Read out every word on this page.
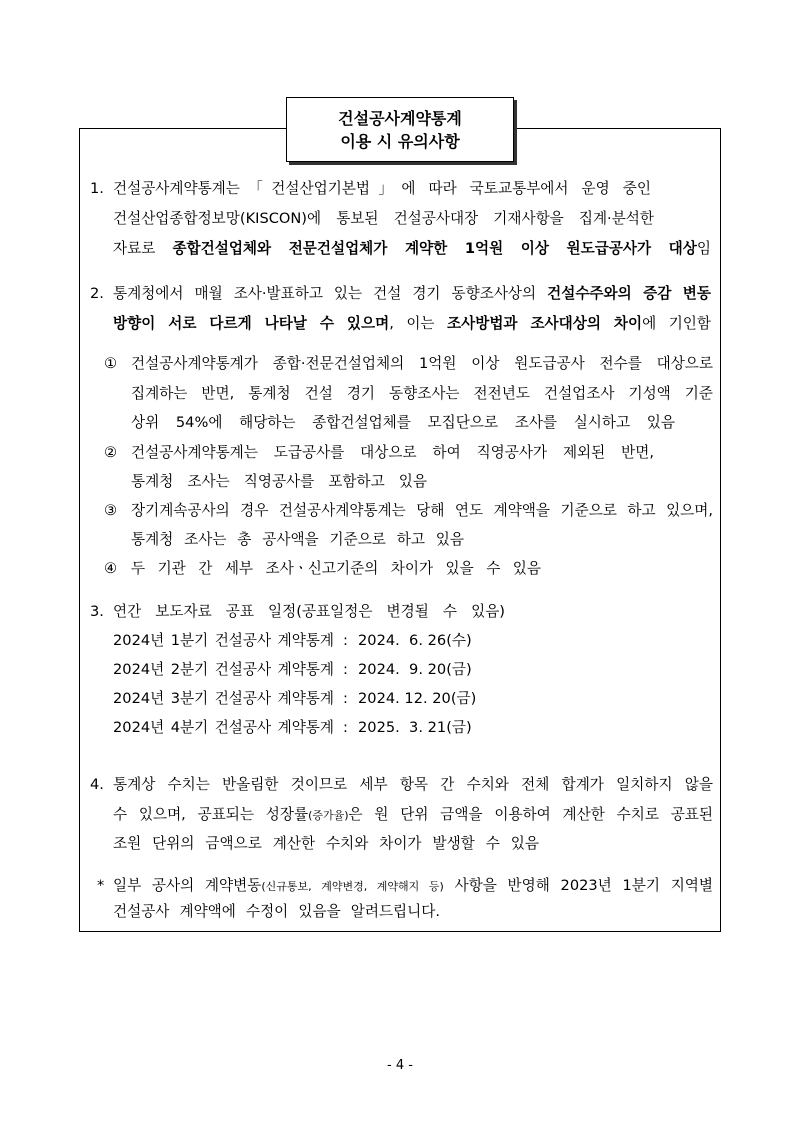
건설공사계약통계
이용 시 유의사항
1. 건설공사계약통계는「건설산업기본법」에 따라 국토교통부에서 운영 중인
건설산업종합정보망(KISCON)에 통보된 건설공사대장 기재사항을 집계·분석한
자료로 종합건설업체와 전문건설업체가 계약한 1억원 이상 원도급공사가 대상임
2. 통계청에서 매월 조사·발표하고 있는 건설 경기 동향조사상의 건설수주와의 증감 변동
방향이 서로 다르게 나타날 수 있으며, 이는 조사방법과 조사대상의 차이에 기인함
① 건설공사계약통계가 종합·전문건설업체의 1억원 이상 원도급공사 전수를 대상으로
집계하는 반면, 통계청 건설 경기 동향조사는 전전년도 건설업조사 기성액 기준
상위 54%에 해당하는 종합건설업체를 모집단으로 조사를 실시하고 있음
② 건설공사계약통계는 도급공사를 대상으로 하여 직영공사가 제외된 반면,
통계청 조사는 직영공사를 포함하고 있음
③ 장기계속공사의 경우 건설공사계약통계는 당해 연도 계약액을 기준으로 하고 있으며,
통계청 조사는 총 공사액을 기준으로 하고 있음
④ 두 기관 간 세부 조사ㆍ신고기준의 차이가 있을 수 있음
3. 연간 보도자료 공표 일정(공표일정은 변경될 수 있음)
2024년 1분기 건설공사 계약통계 : 2024.  6. 26(수)
2024년 2분기 건설공사 계약통계 : 2024.  9. 20(금)
2024년 3분기 건설공사 계약통계 : 2024. 12. 20(금)
2024년 4분기 건설공사 계약통계 : 2025.  3. 21(금)
4. 통계상 수치는 반올림한 것이므로 세부 항목 간 수치와 전체 합계가 일치하지 않을
수 있으며, 공표되는 성장률(증가율)은 원 단위 금액을 이용하여 계산한 수치로 공표된
조원 단위의 금액으로 계산한 수치와 차이가 발생할 수 있음
* 일부 공사의 계약변동(신규통보, 계약변경, 계약해지 등) 사항을 반영해 2023년 1분기 지역별
건설공사 계약액에 수정이 있음을 알려드립니다.
- 4 -
